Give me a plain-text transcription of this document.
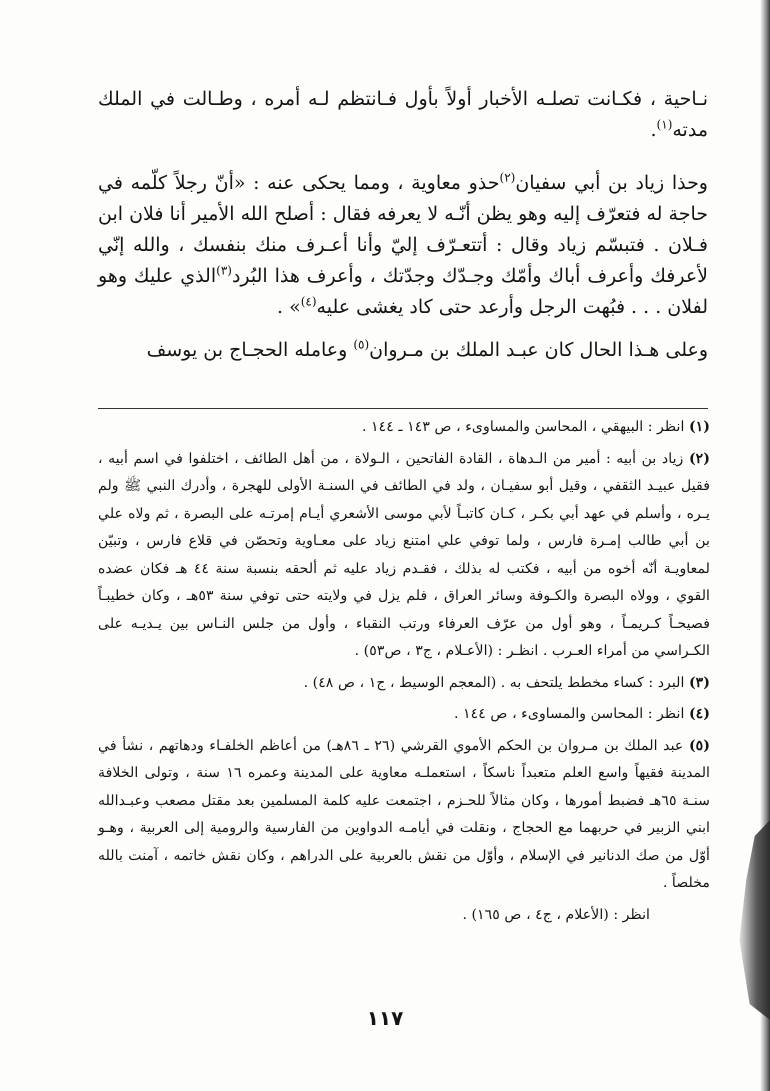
نـاحية ، فكـانت تصلـه الأخبار أولاً بأول فـانتظم لـه أمره ، وطـالت في الملك مدته$^{(١)}$.

وحذا زياد بن أبي سفيان$^{(٢)}$حذو معاوية ، ومما يحكى عنه : «أنّ رجلاً كلّمه في حاجة له فتعرّف إليه وهو يظن أنّـه لا يعرفه فقال : أصلح الله الأمير أنا فلان ابن فـلان . فتبسّم زياد وقال : أتتعـرّف إليّ وأنا أعـرف منك بنفسك ، والله إنّي لأعرفك وأعرف أباك وأمّك وجـدّك وجدّتك ، وأعرف هذا البُرد$^{(٣)}$الذي عليك وهو لفلان . . . فبُهت الرجل وأرعد حتى كاد يغشى عليه$^{(٤)}$» .

وعلى هـذا الحال كان عبـد الملك بن مـروان$^{(٥)}$ وعامله الحجـاج بن يوسف

(١) انظر : البيهقي ، المحاسن والمساوىء ، ص ١٤٣ ـ ١٤٤ .

(٢) زياد بن أبيه : أمير من الـدهاة ، القادة الفاتحين ، الـولاة ، من أهل الطائف ، اختلفوا في اسم أبيه ، فقيل عبيـد الثقفي ، وقيل أبو سفيـان ، ولد في الطائف في السنـة الأولى للهجرة ، وأدرك النبي ﷺ ولم يـره ، وأسلم في عهد أبي بكـر ، كـان كاتبـاً لأبي موسى الأشعري أيـام إمرتـه على البصرة ، ثم ولاه علي بن أبي طالب إمـرة فارس ، ولما توفي علي امتنع زياد على معـاوية وتحصّن في قلاع فارس ، وتبيّن لمعاويـة أنّه أخوه من أبيه ، فكتب له بذلك ، فقـدم زياد عليه ثم ألحقه بنسبة سنة ٤٤ هـ فكان عضده القوي ، وولاه البصرة والكـوفة وسائر العراق ، فلم يزل في ولايته حتى توفي سنة ٥٣هـ ، وكان خطيبـاً فصيحـاً كـريمـاً ، وهو أول من عرّف العرفاء ورتب النقباء ، وأول من جلس النـاس بين يـديـه على الكـراسي من أمراء العـرب . انظـر : (الأعـلام ، ج٣ ، ص٥٣) .

(٣) البرد : كساء مخطط يلتحف به . (المعجم الوسيط ، ج١ ، ص ٤٨) .

(٤) انظر : المحاسن والمساوىء ، ص ١٤٤ .

(٥) عبد الملك بن مـروان بن الحكم الأموي القرشي (٢٦ ـ ٨٦هـ) من أعاظم الخلفـاء ودهاتهم ، نشأ في المدينة فقيهاً واسع العلم متعبداً ناسكاً ، استعملـه معاوية على المدينة وعمره ١٦ سنة ، وتولى الخلافة سنـة ٦٥هـ فضبط أمورها ، وكان مثالاً للحـزم ، اجتمعت عليه كلمة المسلمين بعد مقتل مصعب وعبـدالله ابني الزبير في حربهما مع الحجاج ، ونقلت في أيامـه الدواوين من الفارسية والرومية إلى العربية ، وهـو أوّل من صك الدنانير في الإسلام ، وأوّل من نقش بالعربية على الدراهم ، وكان نقش خاتمه ، آمنت بالله مخلصاً .

انظر : (الأعلام ، ج٤ ، ص ١٦٥) .

١١٧
